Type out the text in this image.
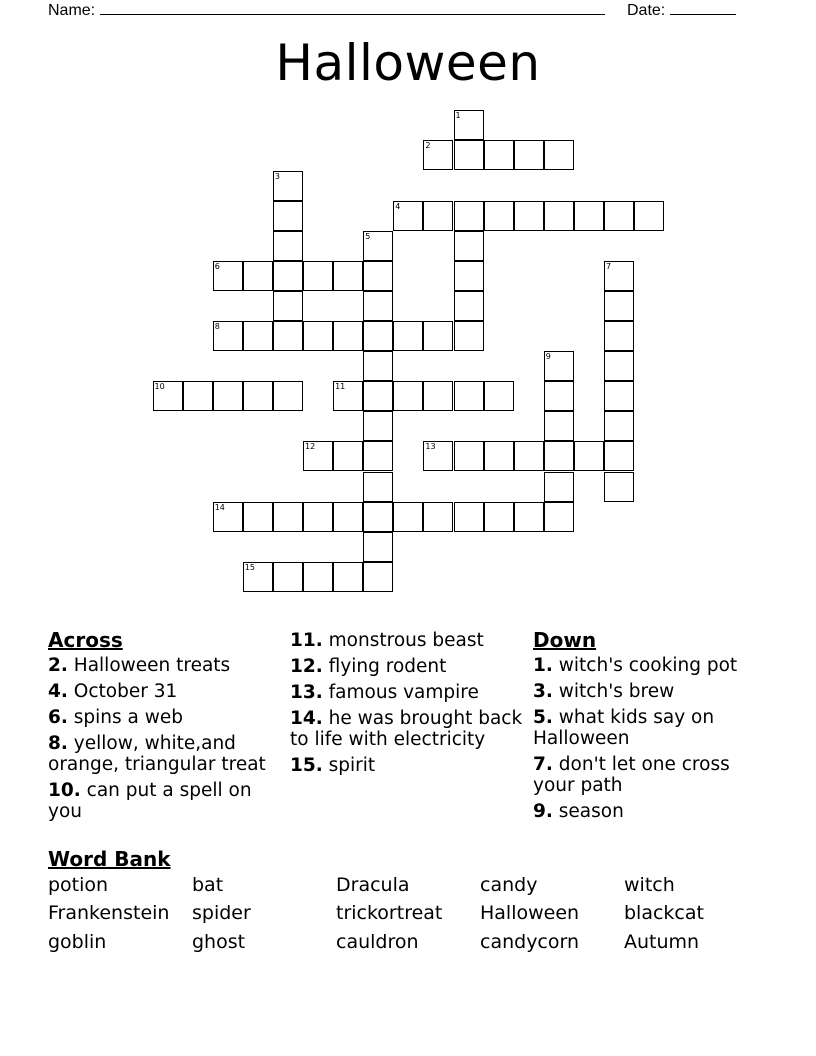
Name:	Date:
Halloween
1
2
3
4
5
6	7
8
9
10	11
12	13
14
15
Across
2. Halloween treats
4. October 31
6. spins a web
8. yellow, white,and orange, triangular treat
10. can put a spell on you
11. monstrous beast
12. flying rodent
13. famous vampire
14. he was brought back to life with electricity
15. spirit
Down
1. witch's cooking pot
3. witch's brew
5. what kids say on Halloween
7. don't let one cross your path
9. season
Word Bank
potion	bat	Dracula	candy	witch
Frankenstein spider	trickortreat Halloween blackcat
goblin	ghost	cauldron	candycorn Autumn
